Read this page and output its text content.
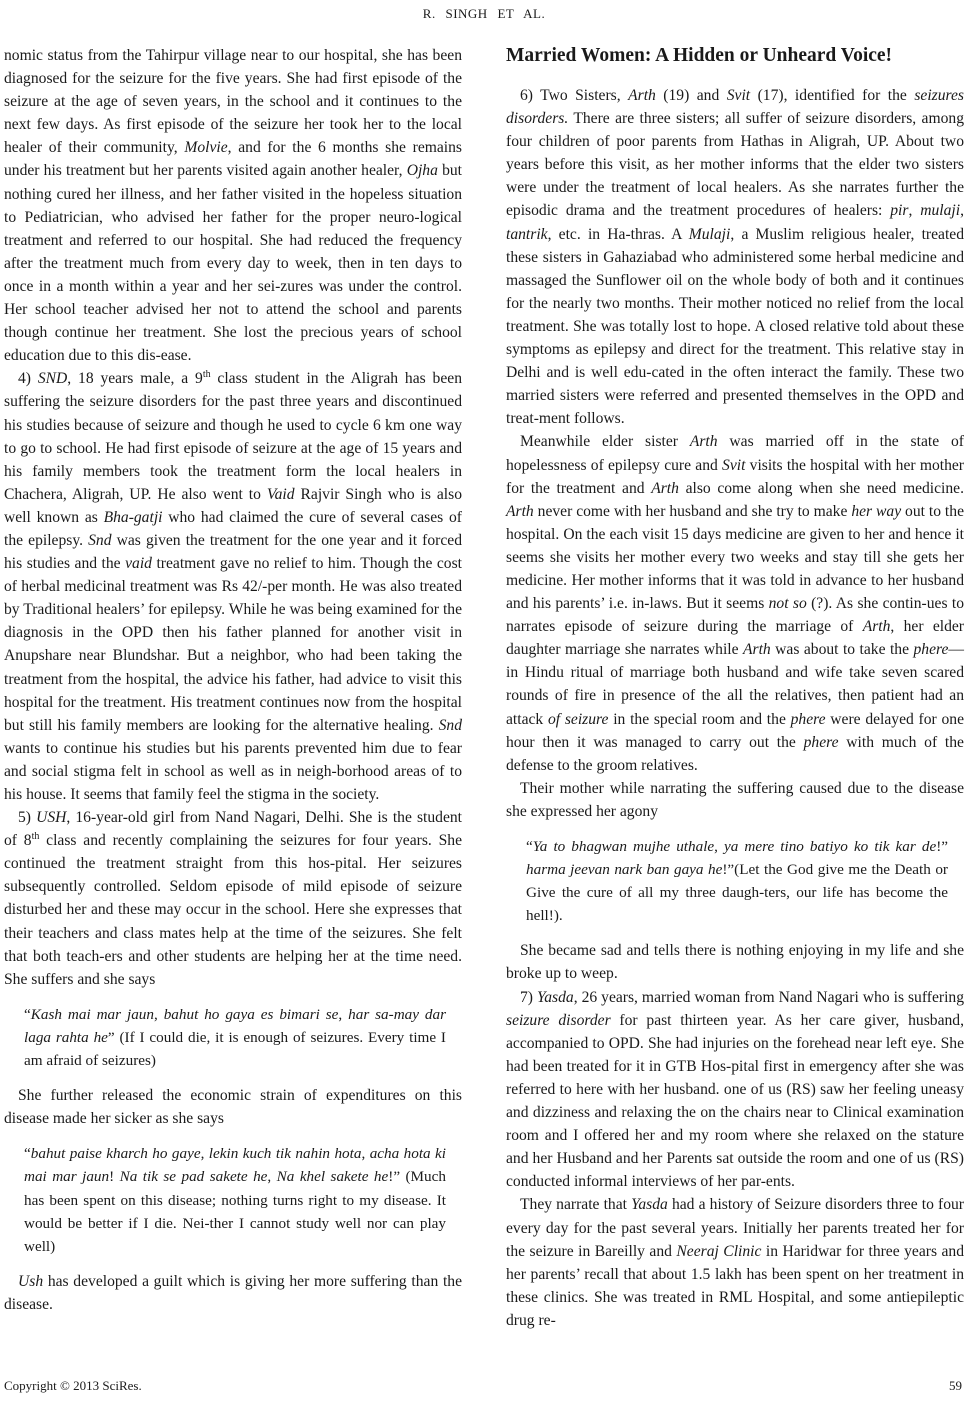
R. SINGH ET AL.

nomic status from the Tahirpur village near to our hospital, she has been diagnosed for the seizure for the five years. She had first episode of the seizure at the age of seven years, in the school and it continues to the next few days. As first episode of the seizure her took her to the local healer of their community, Molvie, and for the 6 months she remains under his treatment but her parents visited again another healer, Ojha but nothing cured her illness, and her father visited in the hopeless situation to Pediatrician, who advised her father for the proper neuro-logical treatment and referred to our hospital. She had reduced the frequency after the treatment much from every day to week, then in ten days to once in a month within a year and her sei-zures was under the control. Her school teacher advised her not to attend the school and parents though continue her treatment. She lost the precious years of school education due to this dis-ease.

4) SND, 18 years male, a 9th class student in the Aligrah has been suffering the seizure disorders for the past three years and discontinued his studies because of seizure and though he used to cycle 6 km one way to go to school. He had first episode of seizure at the age of 15 years and his family members took the treatment form the local healers in Chachera, Aligrah, UP. He also went to Vaid Rajvir Singh who is also well known as Bha-gatji who had claimed the cure of several cases of the epilepsy. Snd was given the treatment for the one year and it forced his studies and the vaid treatment gave no relief to him. Though the cost of herbal medicinal treatment was Rs 42/-per month. He was also treated by Traditional healers’ for epilepsy. While he was being examined for the diagnosis in the OPD then his father planned for another visit in Anupshare near Blundshar. But a neighbor, who had been taking the treatment from the hospital, the advice his father, had advice to visit this hospital for the treatment. His treatment continues now from the hospital but still his family members are looking for the alternative healing. Snd wants to continue his studies but his parents prevented him due to fear and social stigma felt in school as well as in neigh-borhood areas of to his house. It seems that family feel the stigma in the society.

5) USH, 16-year-old girl from Nand Nagari, Delhi. She is the student of 8th class and recently complaining the seizures for four years. She continued the treatment straight from this hos-pital. Her seizures subsequently controlled. Seldom episode of mild episode of seizure disturbed her and these may occur in the school. Here she expresses that their teachers and class mates help at the time of the seizures. She felt that both teach-ers and other students are helping her at the time need. She suffers and she says

“Kash mai mar jaun, bahut ho gaya es bimari se, har sa-may dar laga rahta he” (If I could die, it is enough of seizures. Every time I am afraid of seizures)

She further released the economic strain of expenditures on this disease made her sicker as she says

“bahut paise kharch ho gaye, lekin kuch tik nahin hota, acha hota ki mai mar jaun! Na tik se pad sakete he, Na khel sakete he!” (Much has been spent on this disease; nothing turns right to my disease. It would be better if I die. Nei-ther I cannot study well nor can play well)

Ush has developed a guilt which is giving her more suffering than the disease.

Married Women: A Hidden or Unheard Voice!

6) Two Sisters, Arth (19) and Svit (17), identified for the seizures disorders. There are three sisters; all suffer of seizure disorders, among four children of poor parents from Hathas in Aligrah, UP. About two years before this visit, as her mother informs that the elder two sisters were under the treatment of local healers. As she narrates further the episodic drama and the treatment procedures of healers: pir, mulaji, tantrik, etc. in Ha-thras. A Mulaji, a Muslim religious healer, treated these sisters in Gahaziabad who administered some herbal medicine and massaged the Sunflower oil on the whole body of both and it continues for the nearly two months. Their mother noticed no relief from the local treatment. She was totally lost to hope. A closed relative told about these symptoms as epilepsy and direct for the treatment. This relative stay in Delhi and is well edu-cated in the often interact the family. These two married sisters were referred and presented themselves in the OPD and treat-ment follows.

Meanwhile elder sister Arth was married off in the state of hopelessness of epilepsy cure and Svit visits the hospital with her mother for the treatment and Arth also come along when she need medicine. Arth never come with her husband and she try to make her way out to the hospital. On the each visit 15 days medicine are given to her and hence it seems she visits her mother every two weeks and stay till she gets her medicine. Her mother informs that it was told in advance to her husband and his parents’ i.e. in-laws. But it seems not so (?). As she contin-ues to narrates episode of seizure during the marriage of Arth, her elder daughter marriage she narrates while Arth was about to take the phere—in Hindu ritual of marriage both husband and wife take seven scared rounds of fire in presence of the all the relatives, then patient had an attack of seizure in the special room and the phere were delayed for one hour then it was managed to carry out the phere with much of the defense to the groom relatives.

Their mother while narrating the suffering caused due to the disease she expressed her agony

“Ya to bhagwan mujhe uthale, ya mere tino batiyo ko tik kar de!” harma jeevan nark ban gaya he!”(Let the God give me the Death or Give the cure of all my three daugh-ters, our life has become the hell!).

She became sad and tells there is nothing enjoying in my life and she broke up to weep.

7) Yasda, 26 years, married woman from Nand Nagari who is suffering seizure disorder for past thirteen year. As her care giver, husband, accompanied to OPD. She had injuries on the forehead near left eye. She had been treated for it in GTB Hos-pital first in emergency after she was referred to here with her husband. one of us (RS) saw her feeling uneasy and dizziness and relaxing the on the chairs near to Clinical examination room and I offered her and my room where she relaxed on the stature and her Husband and her Parents sat outside the room and one of us (RS) conducted informal interviews of her par-ents.

They narrate that Yasda had a history of Seizure disorders three to four every day for the past several years. Initially her parents treated her for the seizure in Bareilly and Neeraj Clinic in Haridwar for three years and her parents’ recall that about 1.5 lakh has been spent on her treatment in these clinics. She was treated in RML Hospital, and some antiepileptic drug re-

Copyright © 2013 SciRes.	59
